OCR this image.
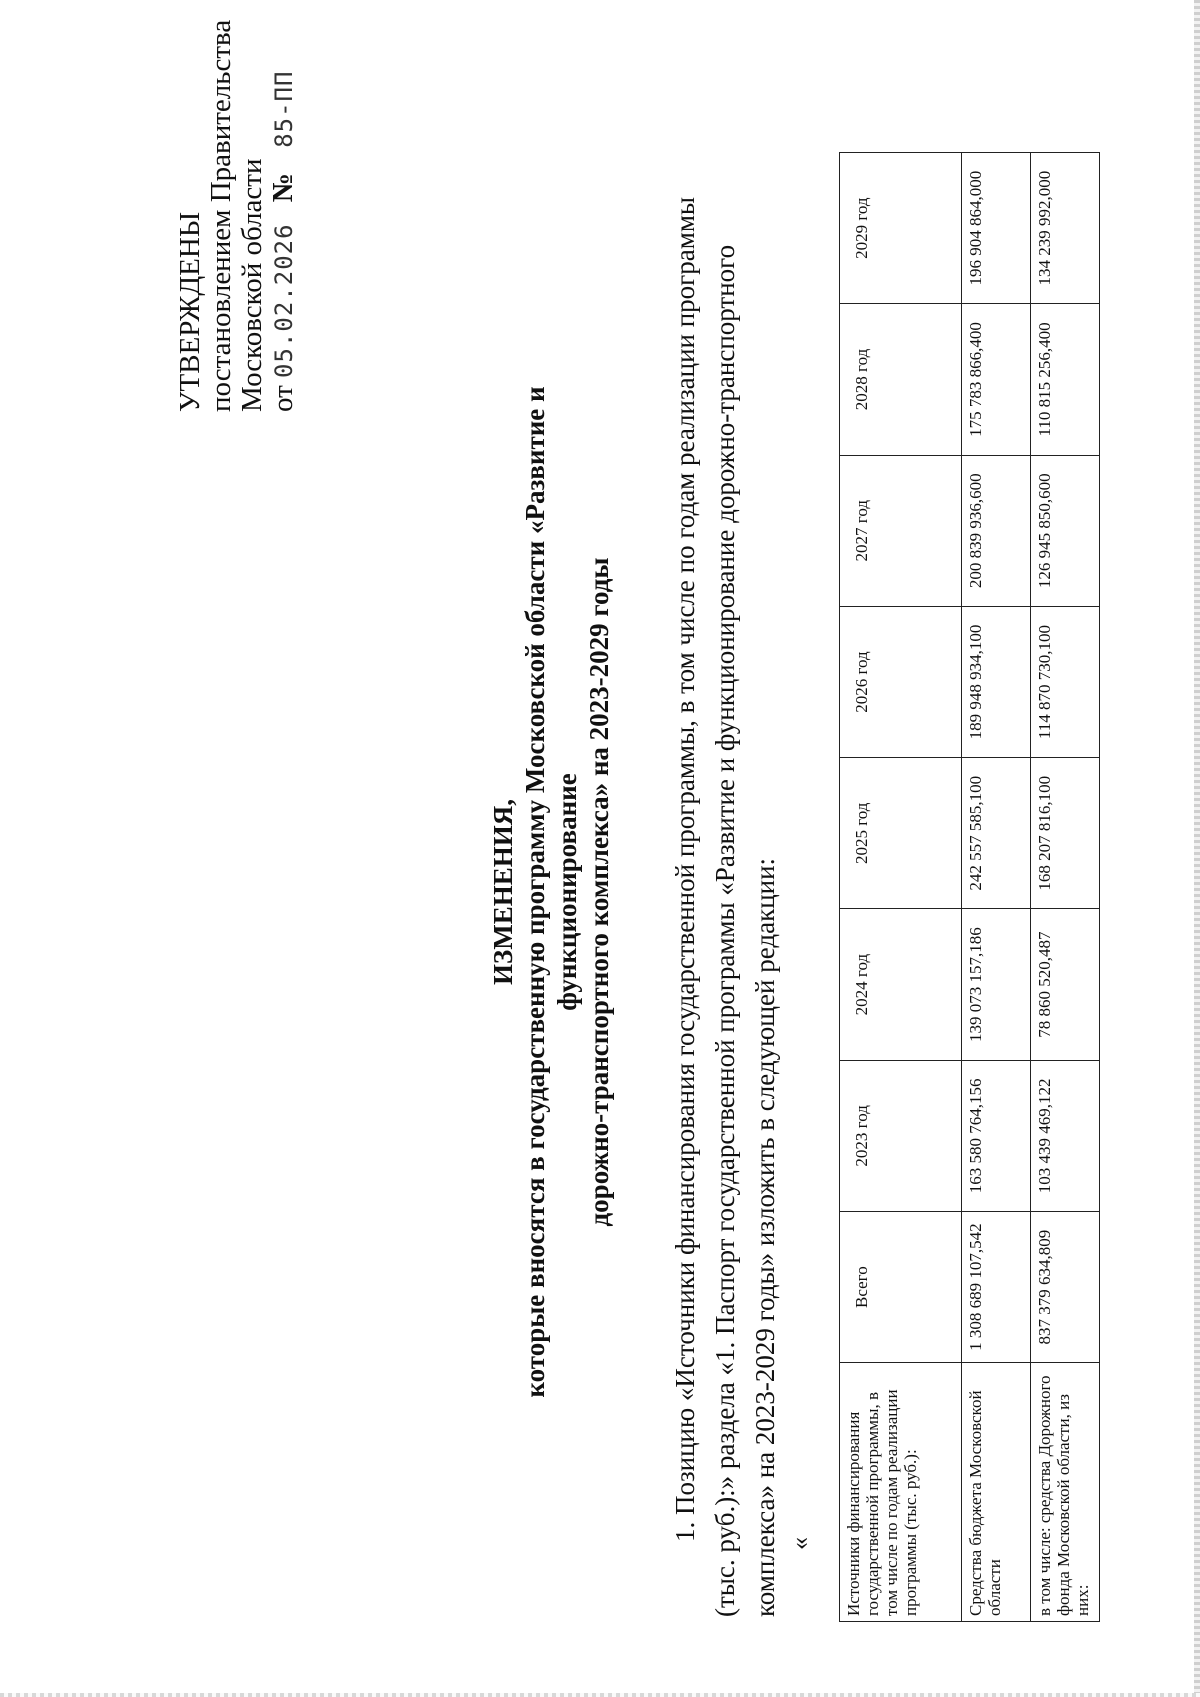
УТВЕРЖДЕНЫ постановлением Правительства Московской области от 05.02.2026 № 85-ПП
ИЗМЕНЕНИЯ, которые вносятся в государственную программу Московской области «Развитие и функционирование дорожно-транспортного комплекса» на 2023-2029 годы 1. Позицию «Источники финансирования государственной программы, в том числе по годам реализации программы (тыс. руб.):» раздела «1. Паспорт государственной программы «Развитие и функционирование дорожно-транспортного комплекса» на 2023-2029 годы» изложить в следующей редакции: « Источники финансирования государственной программы, в том числе по годам реализации программы (тыс. руб.):	Всего	2023 год	2024 год	2025 год	2026 год	2027 год	2028 год	2029 год
Средства бюджета Московской области	1 308 689 107,542	163 580 764,156	139 073 157,186	242 557 585,100	189 948 934,100	200 839 936,600	175 783 866,400	196 904 864,000
в том числе: средства Дорожного фонда Московской области, из них:	837 379 634,809	103 439 469,122	78 860 520,487	168 207 816,100	114 870 730,100	126 945 850,600	110 815 256,400	134 239 992,000
